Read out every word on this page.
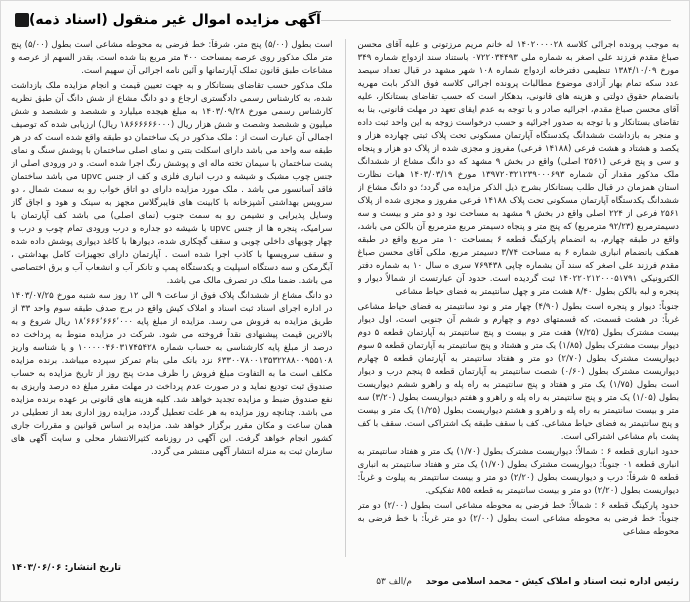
آگهی مزایده اموال غیر منقول (اسناد ذمه)

به موجب پرونده اجرائی کلاسه ۱۴۰۲۰۰۰۰۲۸ له خانم مریم مرزتونی و علیه آقای محسن صباغ مقدم فرزند علی اصغر به شماره ملی ۰۷۲۲۰۳۴۴۹۳ باستناد سند ازدواج شماره ۳۴۹ مورخ ۱۳۸۴/۱۰/۰۹ تنظیمی دفترخانه ازدواج شماره ۱۰۸ شهر مشهد در قبال تعداد سیصد عدد سکه تمام بهار آزادی موضوع مطالبات پرونده اجرائی کلاسه فوق الذکر بابت مهریه بانضمام حقوق دولتی و هزینه های قانونی، بدهکار است که حسب تقاضای بستانکار، علیه آقای محسن صباغ مقدم، اجرائیه صادر و با توجه به عدم ایفای تعهد در مهلت قانونی، بنا به تقاضای بستانکار و با توجه به صدور اجرائیه و حسب درخواست زوجه به این واحد ثبت داده و منجر به بازداشت ششدانگ یکدستگاه آپارتمان مسکونی تحت پلاک ثبتی چهارده هزار و یکصد و هشتاد و هشت فرعی (۱۴۱۸۸ فرعی) مفروز و مجزی شده از پلاک دو هزار و پنجاه و سی و پنج فرعی (۲۵۶۱ اصلی) واقع در بخش ۹ مشهد که دو دانگ مشاع از ششدانگ ملک مذکور مقدار آن شماره ۱۳۹۷۲۰۳۲۱۲۳۹۰۰۰۶۹۳ مورخ ۱۴۰۳/۰۳/۱۹ هیات نظارت استان همزمان در قبال طلب بستانکار بشرح ذیل الذکر مزایده می گردد؛ دو دانگ مشاع از ششدانگ یکدستگاه آپارتمان مسکونی تحت پلاک ۱۴۱۸۸ فرعی مفروز و مجزی شده از پلاک ۲۵۶۱ فرعی از ۲۲۴ اصلی واقع در بخش ۹ مشهد به مساحت نود و دو متر و بیست و سه دسیمترمربع (۹۲/۲۳ مترمربع) که پنج متر و پنجاه دسیمتر مربع مترمربع آن بالکن می باشد، واقع در طبقه چهارم، به انضمام پارکینگ قطعه ۶ بمساحت ۱۰ متر مربع واقع در طبقه همکف بانضمام انباری شماره ۶ به مساحت ۳/۷۴ دسیمتر مربع، ملکی آقای محسن صباغ مقدم فرزند علی اصغر که سند آن بشماره چاپی ۷۶۹۴۳۸ سری ه سال ۱۰ به شماره دفتر الکترونیکی ۱۴۰۲۲۰۲۱۲۰۰۰۵۱۷۹۱ ثبت گردیده است. حدود آن عبارتست از شمالاً دیوار و پنجره و لبه بالکن بطول ۸/۴۰ هشت متر و چهل سانتیمتر به فضای حیاط مشاعی

جنوباً: دیوار و پنجره است بطول (۴/۹۰) چهار متر و نود سانتیمتر به فضای حیاط مشاعی غرباً: در هشت قسمت، که قسمتهای دوم و چهارم و ششم آن جنوبی است، اول دیوار بیست مشترک بطول (۷/۲۵) هفت متر و بیست و پنج سانتیمتر به آپارتمان قطعه ۵ دوم دیوار بیست مشترک بطول (۱/۸۵) یک متر و هشتاد و پنج سانتیمتر به آپارتمان قطعه ۵ سوم دیواریست مشترک بطول (۲/۷۰) دو متر و هفتاد سانتیمتر به آپارتمان قطعه ۵ چهارم دیواریست مشترک بطول (۰/۶۰) شصت سانتیمتر به آپارتمان قطعه ۵ پنجم درب و دیوار است بطول (۱/۷۵) یک متر و هفتاد و پنج سانتیمتر به راه پله و راهرو ششم دیواریست بطول (۱/۰۵) یک متر و پنج سانتیمتر به راه پله و راهرو و هفتم دیواریست بطول (۳/۲۰) سه متر و بیست سانتیمتر به راه پله و راهرو و هشتم دیواریست بطول (۱/۲۵) یک متر و بیست و پنج سانتیمتر به فضای حیاط مشاعی. کف با سقف طبقه یک اشتراکی است. سقف با کف پشت بام مشاعی اشتراکی است.

حدود انباری قطعه ۶ : شمالاً: دیواریست مشترک بطول (۱/۷۰) یک متر و هفتاد سانتیمتر به انباری قطعه ۰۱ جنوباً: دیواریست مشترک بطول (۱/۷۰) یک متر و هفتاد سانتیمتر به انباری قطعه ۵ شرقاً: درب و دیواریست بطول (۲/۲۰) دو متر و بیست سانتیمتر به پیلوت و غرباً: دیواریست بطول (۲/۲۰) دو متر و بیست سانتیمتر به قطعه ۸۵۵ تفکیکی.

حدود پارکینگ قطعه ۶ : شمالاً: خط فرضی به محوطه مشاعی است بطول (۲/۰۰) دو متر جنوباً: خط فرضی به محوطه مشاعی است بطول (۲/۰۰) دو متر غرباً: با خط فرضی به محوطه مشاعی

است بطول (۵/۰۰) پنج متر، شرقاً: خط فرضی به محوطه مشاعی است بطول (۵/۰۰) پنج متر ملک مذکور روی عرصه بمساحت ۴۰۰ متر مربع بنا شده است. بقدر السهم از عرصه و مشاعات طبق قانون تملک آپارتمانها و آئین نامه اجرائی آن سهیم است.

ملک مذکور حسب تقاضای بستانکار و به جهت تعیین قیمت و انجام مزایده ملک بازداشت شده، به کارشناس رسمی دادگستری ارجاع و دو دانگ مشاع از شش دانگ آن طبق نظریه کارشناس رسمی مورخ ۱۴۰۳/۰۹/۲۸ به مبلغ هیجده میلیارد و ششصد و ششصد و شش میلیون و ششصد وشصت و شش هزار ریال (۱۸۶۶۶۶۶۶۰۰۰ ریال) ارزیابی شده که توصیف اجمالی آن عبارت است از : ملک مذکور در یک ساختمان دو طبقه واقع شده است که در هر طبقه سه واحد می باشد دارای اسکلت بتنی و نمای اصلی ساختمان با پوشش سنگ و نمای پشت ساختمان با سیمان تخته ماله ای و پوشش رنگ اجرا شده است. و در ورودی اصلی از جنس چوب مشبک و شیشه و درب انباری فلزی و کف از جنس upvc می باشد ساختمان فاقد آسانسور می باشد . ملک مورد مزایده دارای دو اتاق خواب رو به سمت شمال ، دو سرویس بهداشتی آشپزخانه با کابینت های فایبرگلاس مجهز به سینک و هود و اجاق گاز وسایل پذیرایی و نشیمن رو به سمت جنوب (نمای اصلی) می باشد کف آپارتمان با سرامیک، پنجره ها از جنس upvc با شیشه دو جداره و درب ورودی تمام چوب و درب و چهار چوبهای داخلی چوبی و سقف گچکاری شده، دیوارها با کاغذ دیواری پوشش داده شده و سقف سرویسها با کاذب اجرا شده است . آپارتمان دارای تجهیزات کامل بهداشتی ، آبگرمکن و سه دستگاه اسپلیت و یکدستگاه پمپ و تانکر آب و انشعاب آب و برق اختصاصی می باشد. ضمنا ملک در تصرف مالک می باشد.

دو دانگ مشاع از ششدانگ پلاک فوق از ساعت ۹ الی ۱۲ روز سه شنبه مورخ ۱۴۰۳/۰۷/۲۵ در اداره اجرای اسناد ثبت اسناد و املاک کیش واقع در برج صدف طبقه سوم واحد ۳۳ از طریق مزایده به فروش می رسد. مزایده از مبلغ پایه ۱۸٬۶۶۶٬۶۶۶٬۰۰۰ ریال شروع و به بالاترین قیمت پیشنهادی نقداً فروخته می شود. شرکت در مزایده منوط به پرداخت ده درصد از مبلغ پایه کارشناسی به حساب شماره ۱۰۰۰۰۰۴۶۰۳۱۷۴۵۴۲۸ و یا شناسه واریز ۶۳۳۰۰۷۸۰۰۱۳۵۳۲۲۸۸۰۰۹۵۵۱۰۸ نزد بانک ملی بنام تمرکز سپرده میباشد. برنده مزایده مکلف است ما به التفاوت مبلغ فروش را ظرف مدت پنج روز از تاریخ مزایده به حساب صندوق ثبت تودیع نماید و در صورت عدم پرداخت در مهلت مقرر مبلغ ده درصد واریزی به نفع صندوق ضبط و مزایده تجدید خواهد شد. کلیه هزینه های قانونی بر عهده برنده مزایده می باشد. چنانچه روز مزایده به هر علت تعطیل گردد، مزایده روز اداری بعد از تعطیلی در همان ساعت و مکان مقرر برگزار خواهد شد. مزایده بر اساس قوانین و مقررات جاری کشور انجام خواهد گرفت. این آگهی در روزنامه کثیرالانتشار محلی و سایت آگهی های سازمان ثبت به منزله انتشار آگهی منتشر می گردد.

تاریخ انتشار: ۱۴۰۳/۰۶/۰۶
رئیس اداره ثبت اسناد و املاک کیش - محمد اسلامی موحد
م/الف ۵۳
